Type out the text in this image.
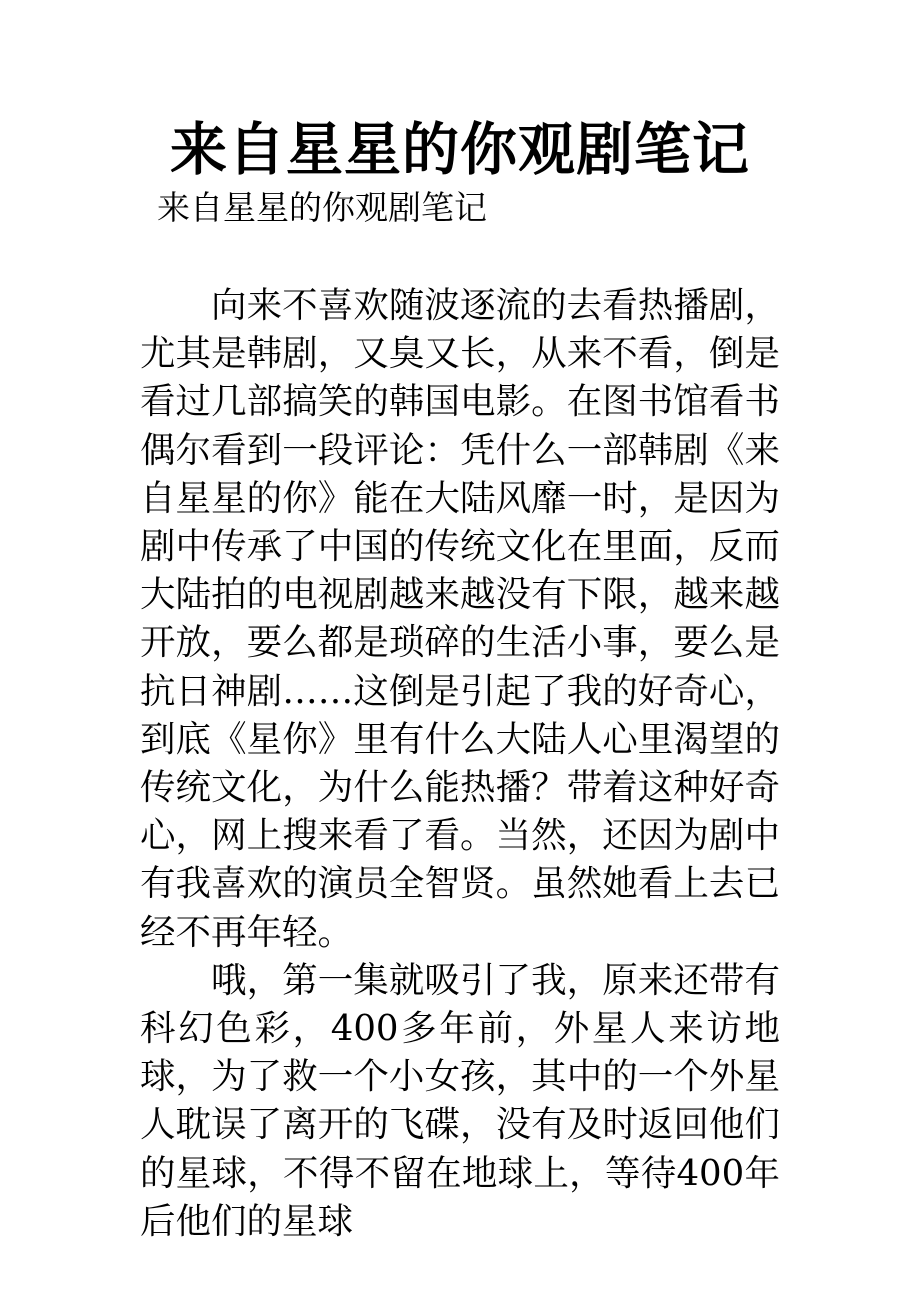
来自星星的你观剧笔记

来自星星的你观剧笔记

向来不喜欢随波逐流的去看热播剧，尤其是韩剧，又臭又长，从来不看，倒是看过几部搞笑的韩国电影。在图书馆看书偶尔看到一段评论：凭什么一部韩剧《来自星星的你》能在大陆风靡一时，是因为剧中传承了中国的传统文化在里面，反而大陆拍的电视剧越来越没有下限，越来越开放，要么都是琐碎的生活小事，要么是抗日神剧……这倒是引起了我的好奇心，到底《星你》里有什么大陆人心里渴望的传统文化，为什么能热播？带着这种好奇心，网上搜来看了看。当然，还因为剧中有我喜欢的演员全智贤。虽然她看上去已经不再年轻。

哦，第一集就吸引了我，原来还带有科幻色彩，400多年前，外星人来访地球，为了救一个小女孩，其中的一个外星人耽误了离开的飞碟，没有及时返回他们的星球，不得不留在地球上，等待400年后他们的星球
